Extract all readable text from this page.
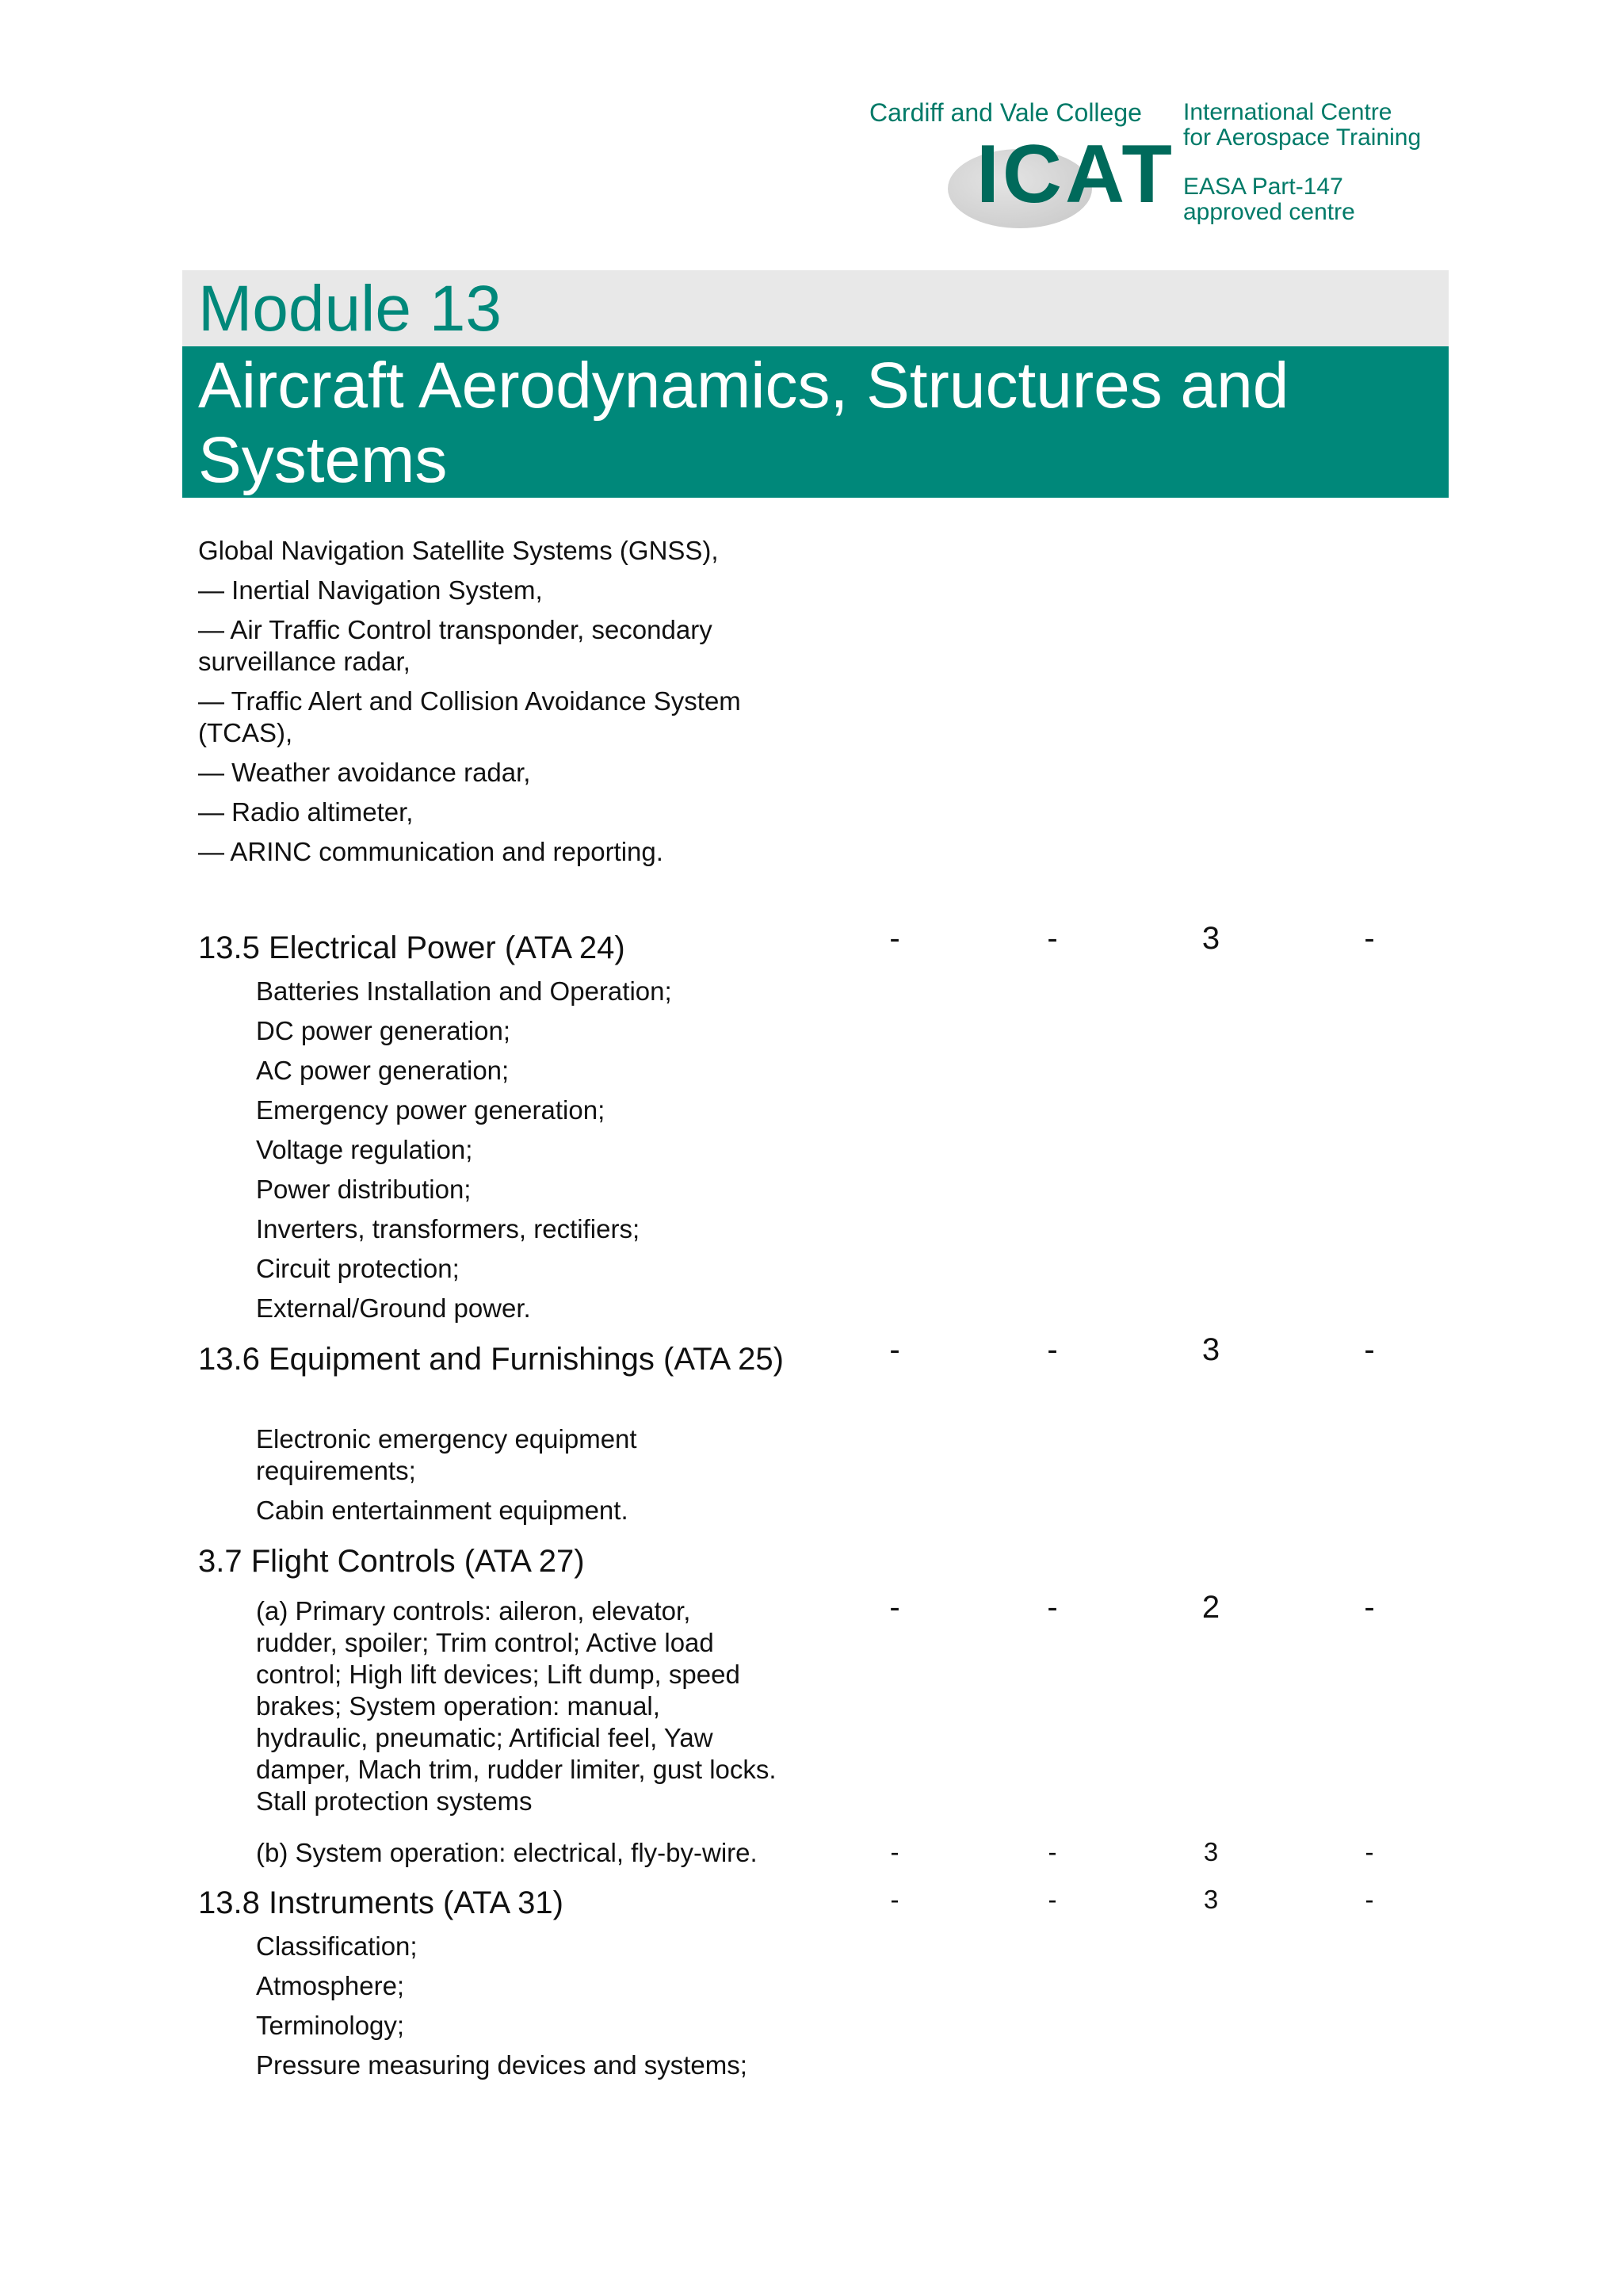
Cardiff and Vale College
ICAT
International Centre
for Aerospace Training
EASA Part-147
approved centre
Module 13
Aircraft Aerodynamics, Structures and Systems
Global Navigation Satellite Systems (GNSS),
— Inertial Navigation System,
— Air Traffic Control transponder, secondary surveillance radar,
— Traffic Alert and Collision Avoidance System (TCAS),
— Weather avoidance radar,
— Radio altimeter,
— ARINC communication and reporting.
13.5 Electrical Power (ATA 24)	-	-	3	-
Batteries Installation and Operation;
DC power generation;
AC power generation;
Emergency power generation;
Voltage regulation;
Power distribution;
Inverters, transformers, rectifiers;
Circuit protection;
External/Ground power.
13.6 Equipment and Furnishings (ATA 25)	-	-	3	-
Electronic emergency equipment requirements;
Cabin entertainment equipment.
3.7 Flight Controls (ATA 27)
(a) Primary controls: aileron, elevator, rudder, spoiler; Trim control; Active load control; High lift devices; Lift dump, speed brakes; System operation: manual, hydraulic, pneumatic; Artificial feel, Yaw damper, Mach trim, rudder limiter, gust locks. Stall protection systems
-	-	2	-
(b) System operation: electrical, fly-by-wire.	-	-	3	-
13.8 Instruments (ATA 31)	-	-	3	-
Classification;
Atmosphere;
Terminology;
Pressure measuring devices and systems;
